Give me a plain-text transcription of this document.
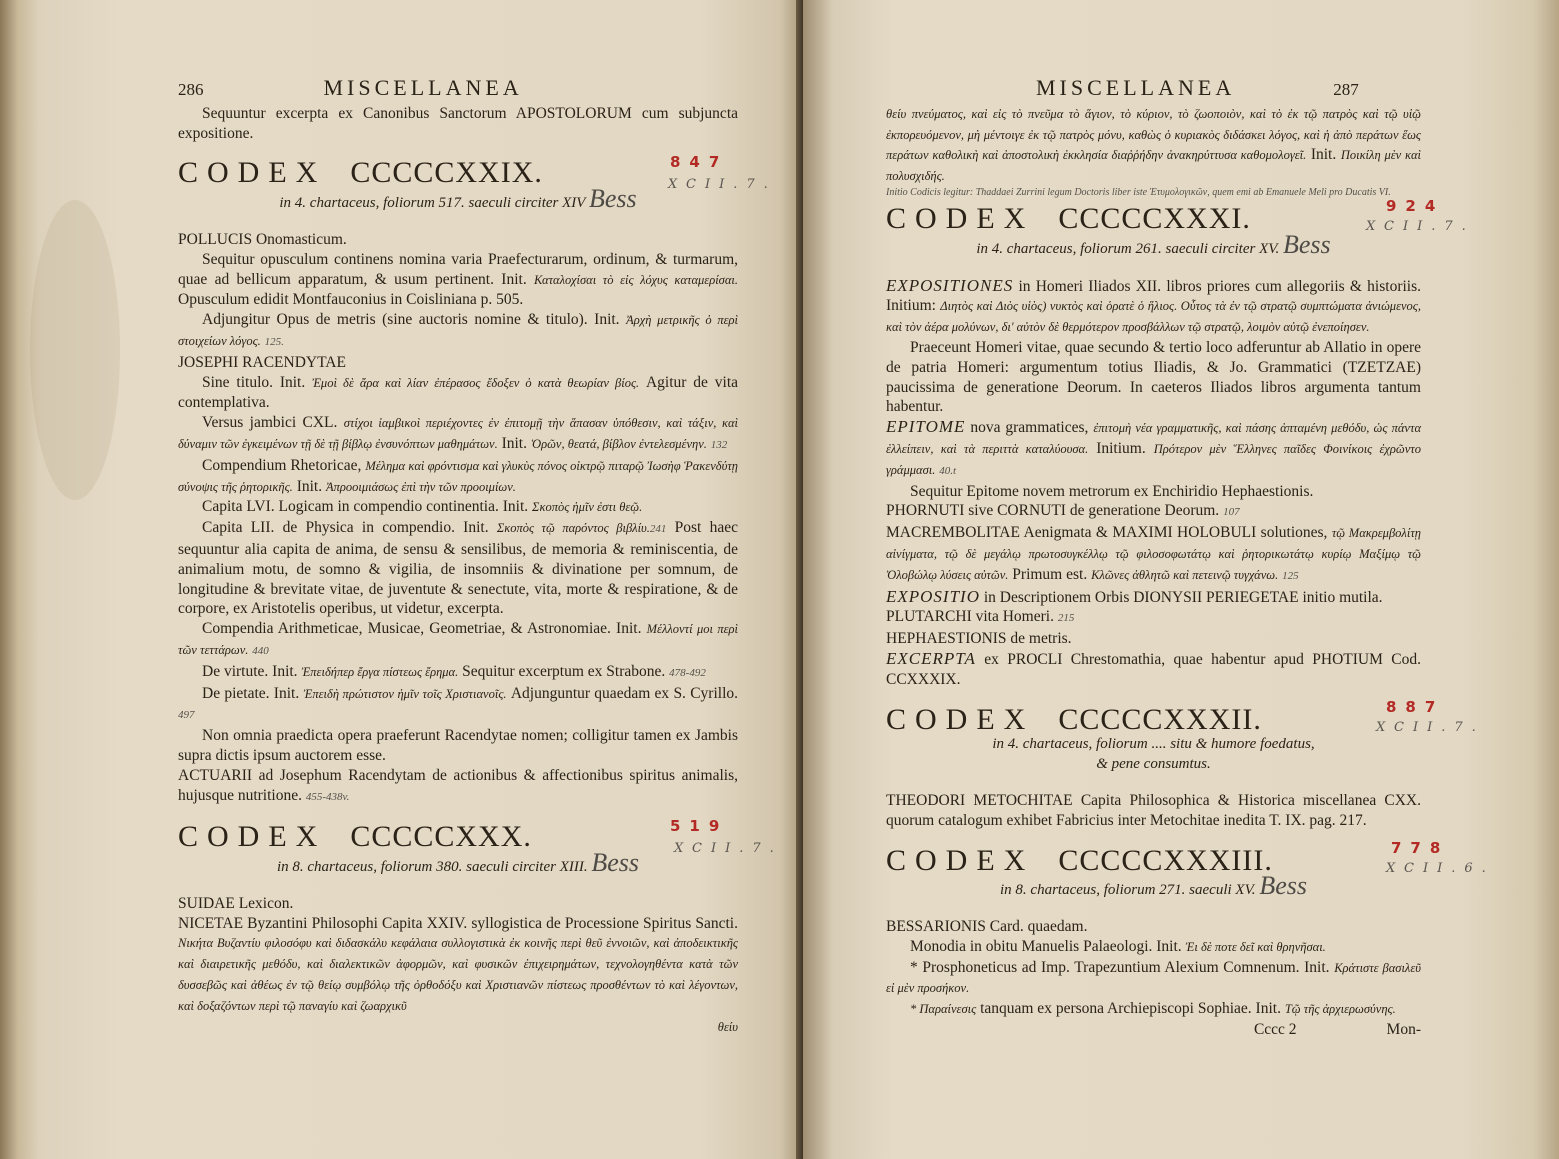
286	MISCELLANEA

Sequuntur excerpta ex Canonibus Sanctorum APOSTOLORUM cum subjuncta expositione.

CODEX CCCCCXXIX.	847
XCII.7.
in 4. chartaceus, foliorum 517. saeculi circiter XIV Bess

POLLUCIS Onomasticum.

Sequitur opusculum continens nomina varia Praefecturarum, ordinum, & turmarum, quae ad bellicum apparatum, & usum pertinent. Init. Καταλοχίσαι τὸ εἰς λόχυς καταμερίσαι. Opusculum edidit Montfauconius in Coisliniana p. 505.

Adjungitur Opus de metris (sine auctoris nomine & titulo). Init. Ἀρχὴ μετρικῆς ὁ περὶ στοιχείων λόγος. 125.

JOSEPHI RACENDYTAE

Sine titulo. Init. Ἐμοὶ δὲ ἄρα καὶ λίαν ἐπέρασος ἔδοξεν ὁ κατὰ θεωρίαν βίος. Agitur de vita contemplativa.

Versus jambici CXL. στίχοι ἰαμβικοὶ περιέχοντες ἐν ἐπιτομῇ τὴν ἅπασαν ὑπόθεσιν, καὶ τάξιν, καὶ δύναμιν τῶν ἐγκειμένων τῇ δὲ τῇ βίβλῳ ἐνσυνόπτων μαθημάτων. Init. Ὁρῶν, θεατά, βίβλον ἐντελεσμένην. 132

Compendium Rhetoricae, Μέλημα καὶ φρόντισμα καὶ γλυκὺς πόνος οἰκτρῷ πιταρῷ Ἰωσὴφ Ῥακενδύτῃ σύνοψις τῆς ῥητορικῆς. Init. Ἀπροοιμιάσως ἐπὶ τὴν τῶν προοιμίων.

Capita LVI. Logicam in compendio continentia. Init. Σκοπὸς ἡμῖν ἐστι θεῷ.

Capita LII. de Physica in compendio. Init. Σκοπὸς τῷ παρόντος βιβλίυ.241 Post haec sequuntur alia capita de anima, de sensu & sensilibus, de memoria & reminiscentia, de animalium motu, de somno & vigilia, de insomniis & divinatione per somnum, de longitudine & brevitate vitae, de juventute & senectute, vita, morte & respiratione, & de corpore, ex Aristotelis operibus, ut videtur, excerpta.

Compendia Arithmeticae, Musicae, Geometriae, & Astronomiae. Init. Μέλλοντί μοι περὶ τῶν τεττάρων. 440

De virtute. Init. Ἐπειδήπερ ἔργα πίστεως ἔρημα. Sequitur excerptum ex Strabone. 478-492

De pietate. Init. Ἐπειδὴ πρώτιστον ἡμῖν τοῖς Χριστιανοῖς. Adjunguntur quaedam ex S. Cyrillo. 497

Non omnia praedicta opera praeferunt Racendytae nomen; colligitur tamen ex Jambis supra dictis ipsum auctorem esse.

ACTUARII ad Josephum Racendytam de actionibus & affectionibus spiritus animalis, hujusque nutritione. 455-438v.

CODEX CCCCCXXX.	519
XCII.7.
in 8. chartaceus, foliorum 380. saeculi circiter XIII. Bess

SUIDAE Lexicon.

NICETAE Byzantini Philosophi Capita XXIV. syllogistica de Processione Spiritus Sancti. Νικήτα Βυζαντίυ φιλοσόφυ καὶ διδασκάλυ κεφάλαια συλλογιστικὰ ἐκ κοινῆς περὶ θεῦ ἐννοιῶν, καὶ ἀποδεικτικῆς καὶ διαιρετικῆς μεθόδυ, καὶ διαλεκτικῶν ἀφορμῶν, καὶ φυσικῶν ἐπιχειρημάτων, τεχνολογηθέντα κατὰ τῶν δυσσεβῶς καὶ ἀθέως ἐν τῷ θείῳ συμβόλῳ τῆς ὀρθοδόξυ καὶ Χριστιανῶν πίστεως προσθέντων τὸ καὶ λέγοντων, καὶ δοξαζόντων περὶ τῷ παναγίυ καὶ ζωαρχικῦ

θείυ

MISCELLANEA	287

θείυ πνεύματος, καὶ εἰς τὸ πνεῦμα τὸ ἅγιον, τὸ κύριον, τὸ ζωοποιὸν, καὶ τὸ ἐκ τῷ πατρὸς καὶ τῷ υἱῷ ἐκπορευόμενον, μὴ μέντοιγε ἐκ τῷ πατρὸς μόνυ, καθὼς ὁ κυριακὸς διδάσκει λόγος, καὶ ἡ ἀπὸ περάτων ἕως περάτων καθολικὴ καὶ ἀποστολικὴ ἐκκλησία διαῤῥήδην ἀνακηρύττυσα καθομολογεῖ. Init. Ποικίλη μὲν καὶ πολυσχιδής.

Initio Codicis legitur: Thaddaei Zurrini legum Doctoris liber iste Ἐτυμολογικῶν, quem emi ab Emanuele Meli pro Ducatis VI.

CODEX CCCCCXXXI.	924
XCII.7.
in 4. chartaceus, foliorum 261. saeculi circiter XV. Bess

EXPOSITIONES in Homeri Iliados XII. libros priores cum allegoriis & historiis. Initium: Διητὸς καὶ Διὸς υἱὸς) νυκτὸς καὶ ὁρατὲ ὁ ἥλιος. Οὗτος τὰ ἐν τῷ στρατῷ συμπτώματα ἀνιώμενος, καὶ τὸν ἀέρα μολύνων, δι' αὐτὸν δὲ θερμότερον προσβάλλων τῷ στρατῷ, λοιμὸν αὐτῷ ἐνεποίησεν.

Praeceunt Homeri vitae, quae secundo & tertio loco adferuntur ab Allatio in opere de patria Homeri: argumentum totius Iliadis, & Jo. Grammatici (TZETZAE) paucissima de generatione Deorum. In caeteros Iliados libros argumenta tantum habentur.

EPITOME nova grammatices, ἐπιτομὴ νέα γραμματικῆς, καὶ πάσης ἀπταμένη μεθόδυ, ὡς πάντα ἐλλείπειν, καὶ τὰ περιττὰ καταλύουσα. Initium. Πρότερον μὲν Ἕλληνες παῖδες Φοινίκοις ἐχρῶντο γράμμασι. 40.t

Sequitur Epitome novem metrorum ex Enchiridio Hephaestionis.

PHORNUTI sive CORNUTI de generatione Deorum. 107

MACREMBOLITAE Aenigmata & MAXIMI HOLOBULI solutiones, τῷ Μακρεμβολίτῃ αἰνίγματα, τῷ δὲ μεγάλῳ πρωτοσυγκέλλῳ τῷ φιλοσοφωτάτῳ καὶ ῥητορικωτάτῳ κυρίῳ Μαξίμῳ τῷ Ὀλοβώλῳ λύσεις αὐτῶν. Primum est. Κλῶνες ἀθλητῶ καὶ πετεινῷ τυγχάνω. 125

EXPOSITIO in Descriptionem Orbis DIONYSII PERIEGETAE initio mutila.

PLUTARCHI vita Homeri. 215

HEPHAESTIONIS de metris.

EXCERPTA ex PROCLI Chrestomathia, quae habentur apud PHOTIUM Cod. CCXXXIX.

CODEX CCCCCXXXII.	887
XCII.7.
in 4. chartaceus, foliorum .... situ & humore foedatus,
& pene consumtus.

THEODORI METOCHITAE Capita Philosophica & Historica miscellanea CXX. quorum catalogum exhibet Fabricius inter Metochitae inedita T. IX. pag. 217.

CODEX CCCCCXXXIII.	778
XCII.6.
in 8. chartaceus, foliorum 271. saeculi XV. Bess

BESSARIONIS Card. quaedam.

Monodia in obitu Manuelis Palaeologi. Init. Ἐι δὲ ποτε δεῖ καὶ θρηνῆσαι.

* Prosphoneticus ad Imp. Trapezuntium Alexium Comnenum. Init. Κράτιστε βασιλεῦ εἰ μὲν προσήκον.

* Παραίνεσις tanquam ex persona Archiepiscopi Sophiae. Init. Τῷ τῆς ἀρχιερωσύνης.

Cccc 2	Mon-
